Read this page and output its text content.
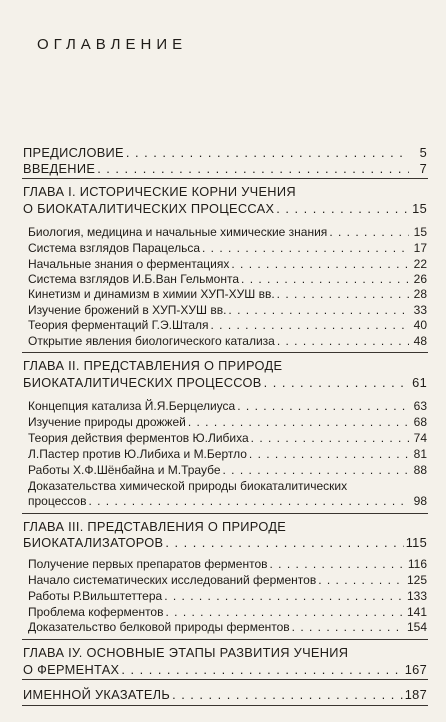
ОГЛАВЛЕНИЕ
ПРЕДИСЛОВИЕ . . .	5
ВВЕДЕНИЕ . . .	7
ГЛАВА I. ИСТОРИЧЕСКИЕ КОРНИ УЧЕНИЯ
О БИОКАТАЛИТИЧЕСКИХ ПРОЦЕССАХ . . .	15
Биология, медицина и начальные химические знания . . .	15
Система взглядов Парацельса . . .	17
Начальные знания о ферментациях . . .	22
Система взглядов И.Б.Ван Гельмонта . . .	26
Кинетизм и динамизм в химии ХУП-ХУШ вв. . . .	28
Изучение брожений в ХУП-ХУШ вв. . . .	33
Теория ферментаций Г.Э.Шталя . . .	40
Открытие явления биологического катализа . . .	48
ГЛАВА II. ПРЕДСТАВЛЕНИЯ О ПРИРОДЕ
БИОКАТАЛИТИЧЕСКИХ ПРОЦЕССОВ . . .	61
Концепция катализа Й.Я.Берцелиуса . . .	63
Изучение природы дрожжей . . .	68
Теория действия ферментов Ю.Либиха . . .	74
Л.Пастер против Ю.Либиха и М.Бертло . . .	81
Работы Х.Ф.Шёнбайна и М.Траубе . . .	88
Доказательства химической природы биокаталитических
процессов . . .	98
ГЛАВА III. ПРЕДСТАВЛЕНИЯ О ПРИРОДЕ
БИОКАТАЛИЗАТОРОВ . . .	115
Получение первых препаратов ферментов . . .	116
Начало систематических исследований ферментов . . .	125
Работы Р.Вильштеттера . . .	133
Проблема коферментов . . .	141
Доказательство белковой природы ферментов . . .	154
ГЛАВА IУ. ОСНОВНЫЕ ЭТАПЫ РАЗВИТИЯ УЧЕНИЯ
О ФЕРМЕНТАХ . . .	167
ИМЕННОЙ УКАЗАТЕЛЬ . . .	187
